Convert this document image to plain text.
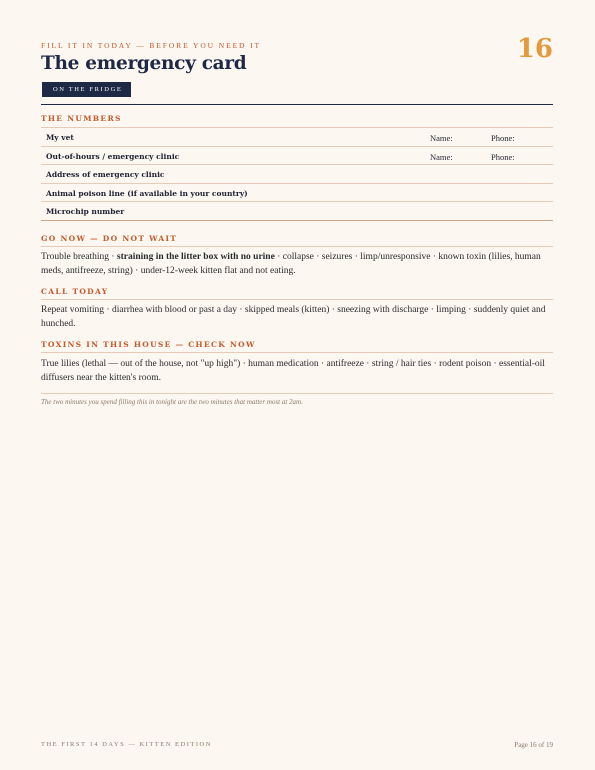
FILL IT IN TODAY — BEFORE YOU NEED IT	16
The emergency card
ON THE FRIDGE
THE NUMBERS
My vet	Name:	Phone:
Out-of-hours / emergency clinic	Name:	Phone:
Address of emergency clinic
Animal poison line (if available in your country)
Microchip number
GO NOW — DO NOT WAIT
Trouble breathing · straining in the litter box with no urine · collapse · seizures · limp/unresponsive · known toxin (lilies, human meds, antifreeze, string) · under-12-week kitten flat and not eating.
CALL TODAY
Repeat vomiting · diarrhea with blood or past a day · skipped meals (kitten) · sneezing with discharge · limping · suddenly quiet and hunched.
TOXINS IN THIS HOUSE — CHECK NOW
True lilies (lethal — out of the house, not "up high") · human medication · antifreeze · string / hair ties · rodent poison · essential-oil diffusers near the kitten's room.
The two minutes you spend filling this in tonight are the two minutes that matter most at 2am.
THE FIRST 14 DAYS — KITTEN EDITION	Page 16 of 19
